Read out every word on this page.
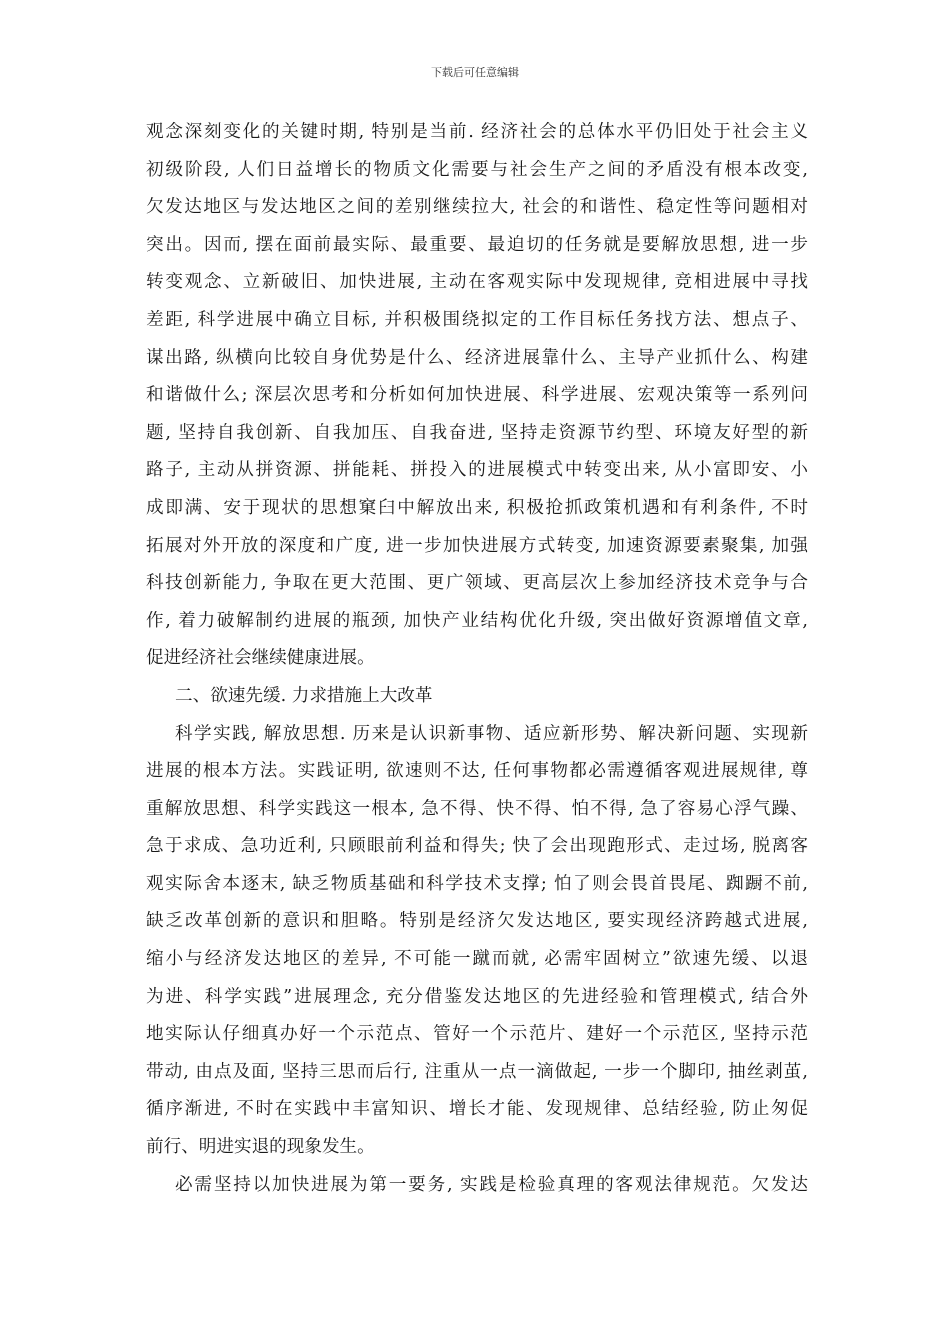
下载后可任意编辑
观念深刻变化的关键时期, 特别是当前. 经济社会的总体水平仍旧处于社会主义
初级阶段, 人们日益增长的物质文化需要与社会生产之间的矛盾没有根本改变,
欠发达地区与发达地区之间的差别继续拉大, 社会的和谐性、稳定性等问题相对
突出。因而, 摆在面前最实际、最重要、最迫切的任务就是要解放思想, 进一步
转变观念、立新破旧、加快进展, 主动在客观实际中发现规律, 竞相进展中寻找
差距, 科学进展中确立目标, 并积极围绕拟定的工作目标任务找方法、想点子、
谋出路, 纵横向比较自身优势是什么、经济进展靠什么、主导产业抓什么、构建
和谐做什么; 深层次思考和分析如何加快进展、科学进展、宏观决策等一系列问
题, 坚持自我创新、自我加压、自我奋进, 坚持走资源节约型、环境友好型的新
路子, 主动从拼资源、拼能耗、拼投入的进展模式中转变出来, 从小富即安、小
成即满、安于现状的思想窠臼中解放出来, 积极抢抓政策机遇和有利条件, 不时
拓展对外开放的深度和广度, 进一步加快进展方式转变, 加速资源要素聚集, 加强
科技创新能力, 争取在更大范围、更广领域、更高层次上参加经济技术竞争与合
作, 着力破解制约进展的瓶颈, 加快产业结构优化升级, 突出做好资源增值文章,
促进经济社会继续健康进展。
二、欲速先缓. 力求措施上大改革
科学实践, 解放思想. 历来是认识新事物、适应新形势、解决新问题、实现新
进展的根本方法。实践证明, 欲速则不达, 任何事物都必需遵循客观进展规律, 尊
重解放思想、科学实践这一根本, 急不得、快不得、怕不得, 急了容易心浮气躁、
急于求成、急功近利, 只顾眼前利益和得失; 快了会出现跑形式、走过场, 脱离客
观实际舍本逐末, 缺乏物质基础和科学技术支撑; 怕了则会畏首畏尾、踟蹰不前,
缺乏改革创新的意识和胆略。特别是经济欠发达地区, 要实现经济跨越式进展,
缩小与经济发达地区的差异, 不可能一蹴而就, 必需牢固树立”欲速先缓、以退
为进、科学实践”进展理念, 充分借鉴发达地区的先进经验和管理模式, 结合外
地实际认仔细真办好一个示范点、管好一个示范片、建好一个示范区, 坚持示范
带动, 由点及面, 坚持三思而后行, 注重从一点一滴做起, 一步一个脚印, 抽丝剥茧,
循序渐进, 不时在实践中丰富知识、增长才能、发现规律、总结经验, 防止匆促
前行、明进实退的现象发生。
必需坚持以加快进展为第一要务, 实践是检验真理的客观法律规范。欠发达
